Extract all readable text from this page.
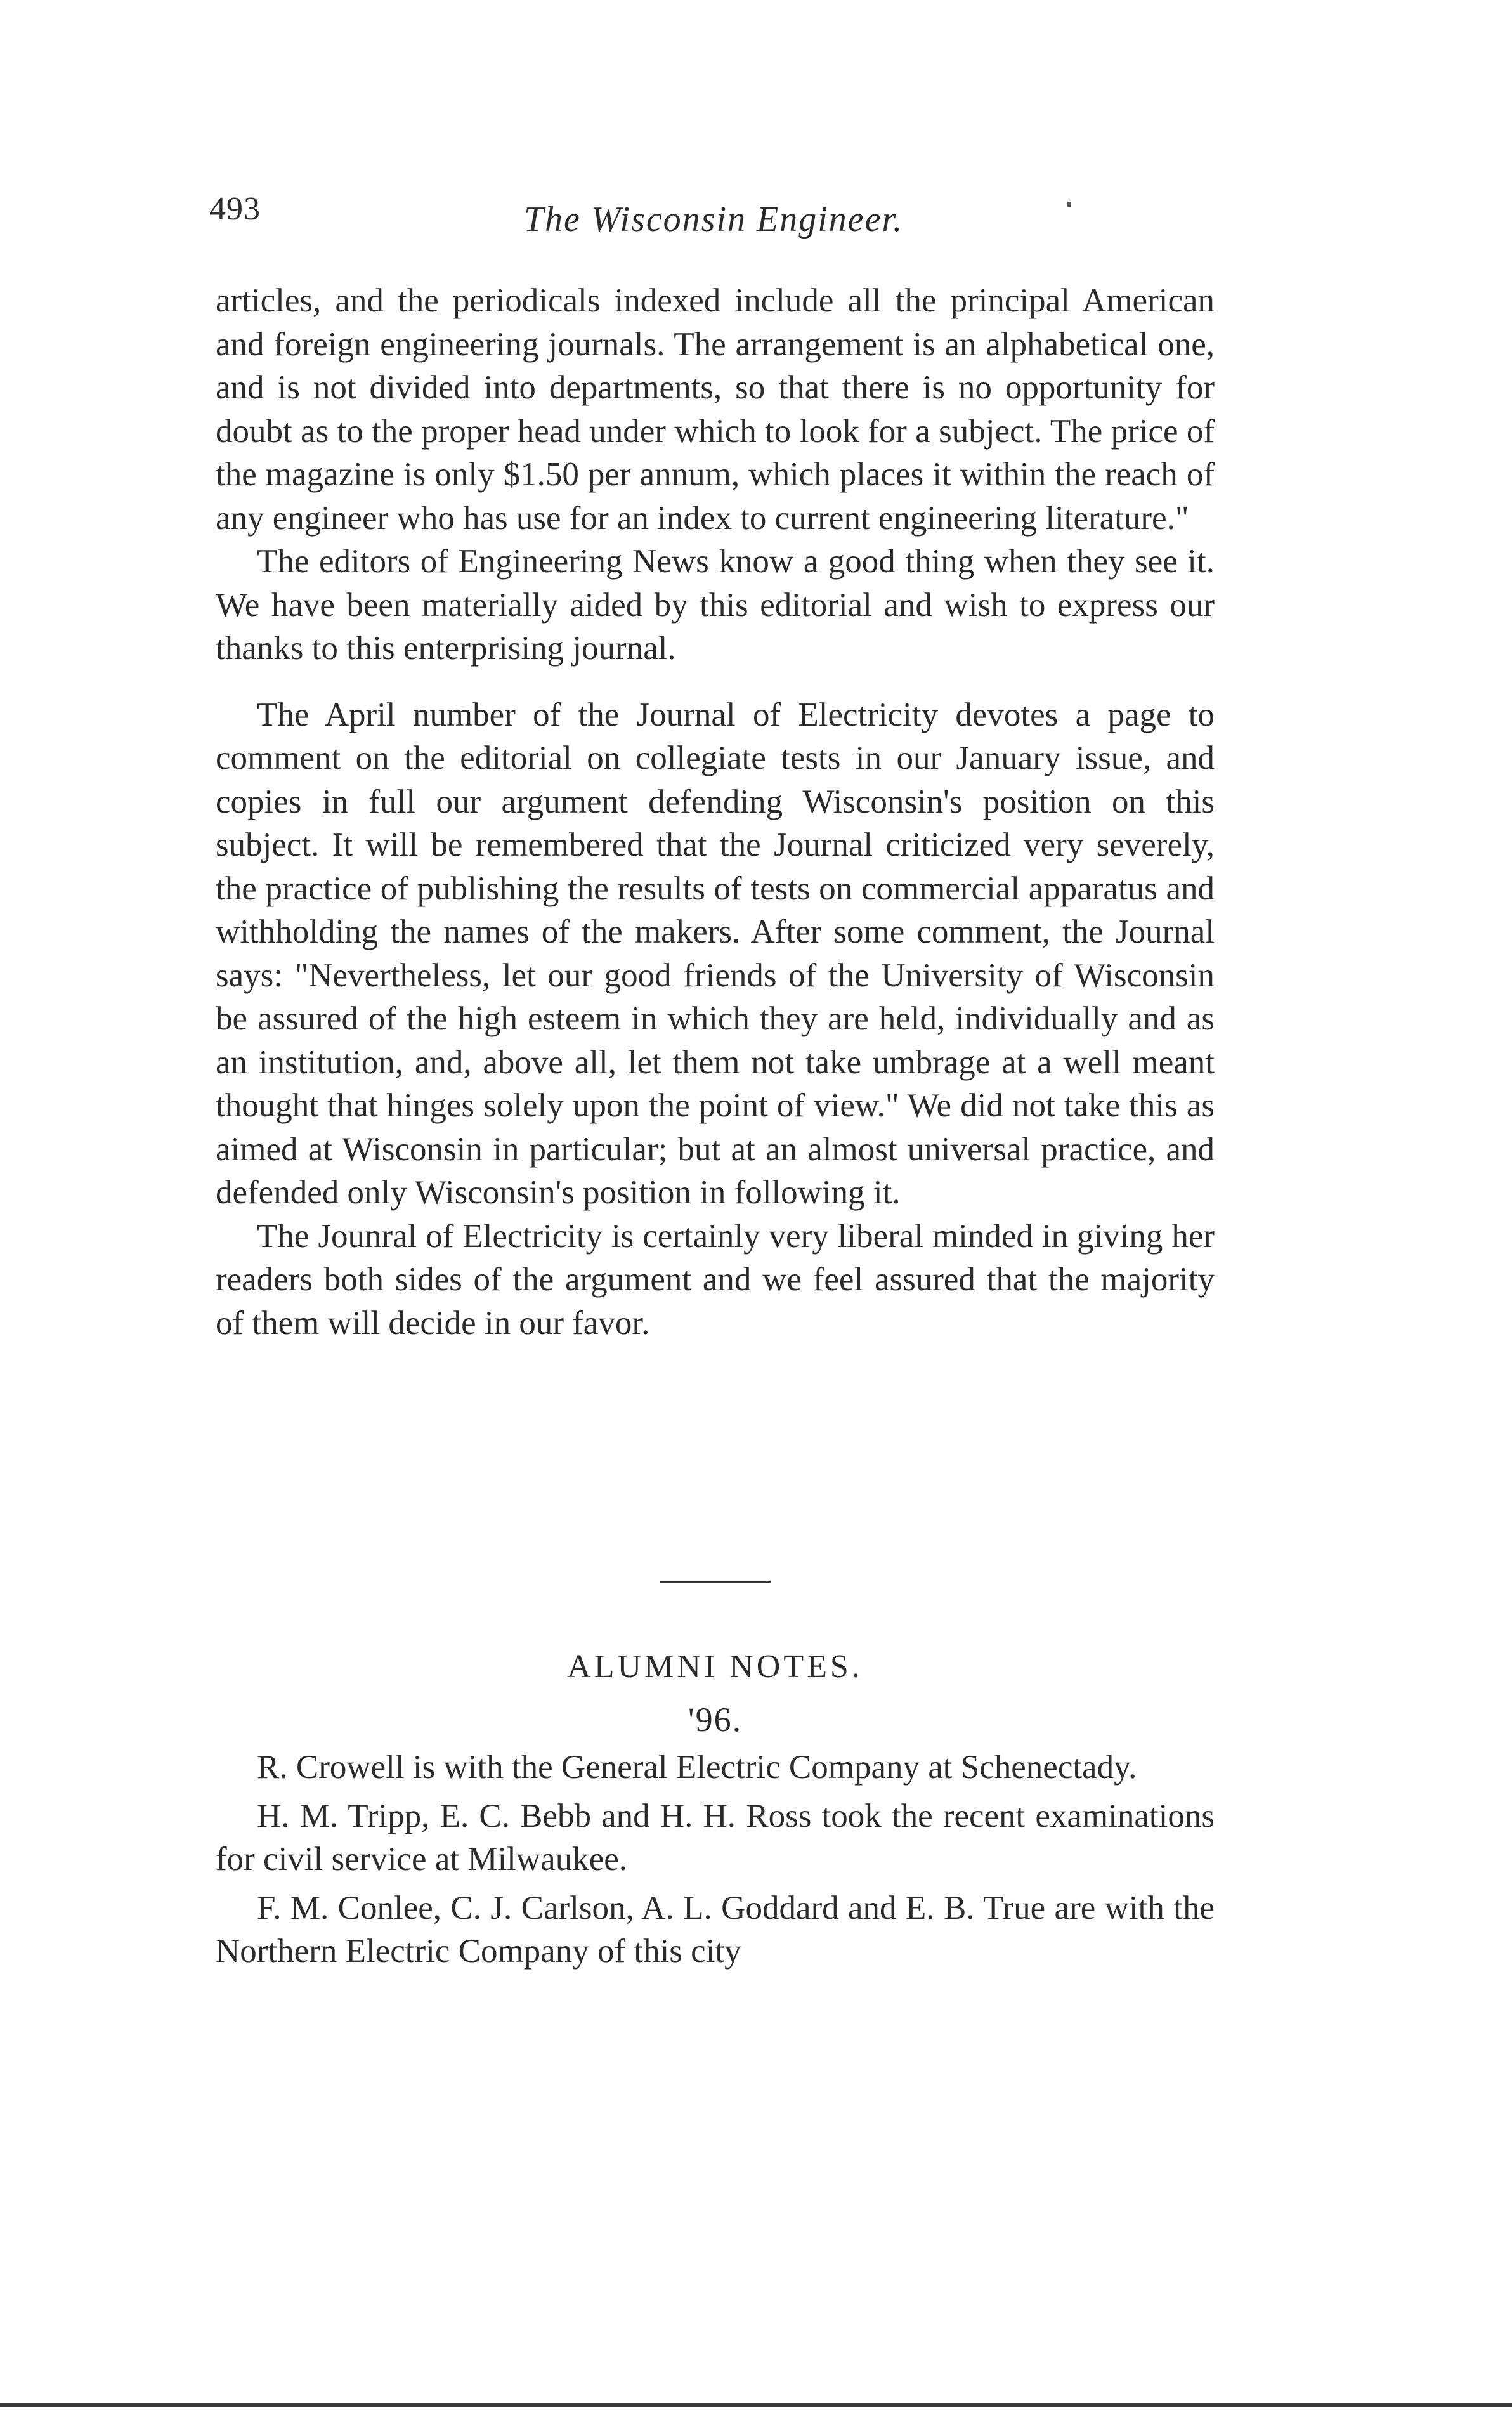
493	The Wisconsin Engineer.

articles, and the periodicals indexed include all the principal American and foreign engineering journals. The arrangement is an alphabetical one, and is not divided into departments, so that there is no opportunity for doubt as to the proper head under which to look for a subject. The price of the magazine is only $1.50 per annum, which places it within the reach of any engineer who has use for an index to current engineering literature."

The editors of Engineering News know a good thing when they see it. We have been materially aided by this editorial and wish to express our thanks to this enterprising journal.

The April number of the Journal of Electricity devotes a page to comment on the editorial on collegiate tests in our January issue, and copies in full our argument defending Wisconsin's position on this subject. It will be remembered that the Journal criticized very severely, the practice of publishing the results of tests on commercial apparatus and withholding the names of the makers. After some comment, the Journal says: "Nevertheless, let our good friends of the University of Wisconsin be assured of the high esteem in which they are held, individually and as an institution, and, above all, let them not take umbrage at a well meant thought that hinges solely upon the point of view." We did not take this as aimed at Wisconsin in particular; but at an almost universal practice, and defended only Wisconsin's position in following it.

The Jounral of Electricity is certainly very liberal minded in giving her readers both sides of the argument and we feel assured that the majority of them will decide in our favor.

ALUMNI NOTES.
'96.

R. Crowell is with the General Electric Company at Schenectady.

H. M. Tripp, E. C. Bebb and H. H. Ross took the recent examinations for civil service at Milwaukee.

F. M. Conlee, C. J. Carlson, A. L. Goddard and E. B. True are with the Northern Electric Company of this city
